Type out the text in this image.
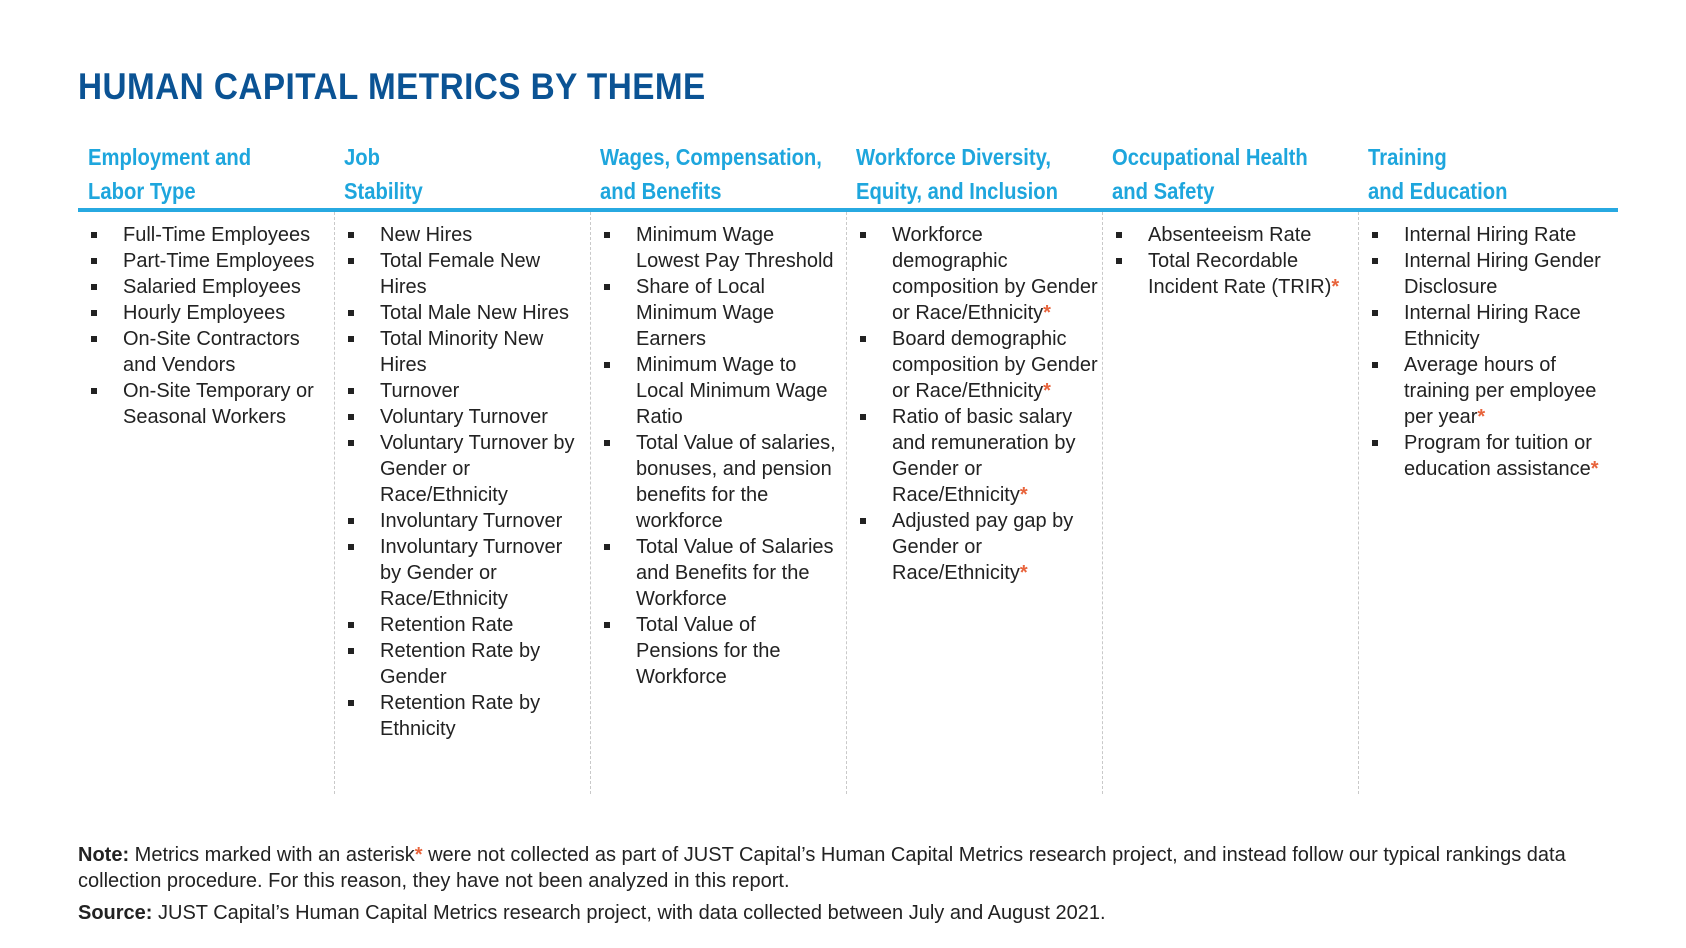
HUMAN CAPITAL METRICS BY THEME
Employment and
Labor Type
Job
Stability
Wages, Compensation,
and Benefits
Workforce Diversity,
Equity, and Inclusion
Occupational Health
and Safety
Training
and Education
Full-Time Employees
Part-Time Employees
Salaried Employees
Hourly Employees
On-Site Contractors and Vendors
On-Site Temporary or Seasonal Workers
New Hires
Total Female New Hires
Total Male New Hires
Total Minority New Hires
Turnover
Voluntary Turnover
Voluntary Turnover by Gender or Race/Ethnicity
Involuntary Turnover
Involuntary Turnover by Gender or Race/Ethnicity
Retention Rate
Retention Rate by Gender
Retention Rate by Ethnicity
Minimum Wage Lowest Pay Threshold
Share of Local Minimum Wage Earners
Minimum Wage to Local Minimum Wage Ratio
Total Value of salaries, bonuses, and pension benefits for the workforce
Total Value of Salaries and Benefits for the Workforce
Total Value of Pensions for the Workforce
Workforce demographic composition by Gender or Race/Ethnicity*
Board demographic composition by Gender or Race/Ethnicity*
Ratio of basic salary and remuneration by Gender or Race/Ethnicity*
Adjusted pay gap by Gender or Race/Ethnicity*
Absenteeism Rate
Total Recordable Incident Rate (TRIR)*
Internal Hiring Rate
Internal Hiring Gender Disclosure
Internal Hiring Race Ethnicity
Average hours of training per employee per year*
Program for tuition or education assistance*

Note: Metrics marked with an asterisk* were not collected as part of JUST Capital’s Human Capital Metrics research project, and instead follow our typical rankings data collection procedure. For this reason, they have not been analyzed in this report.

Source: JUST Capital’s Human Capital Metrics research project, with data collected between July and August 2021.
